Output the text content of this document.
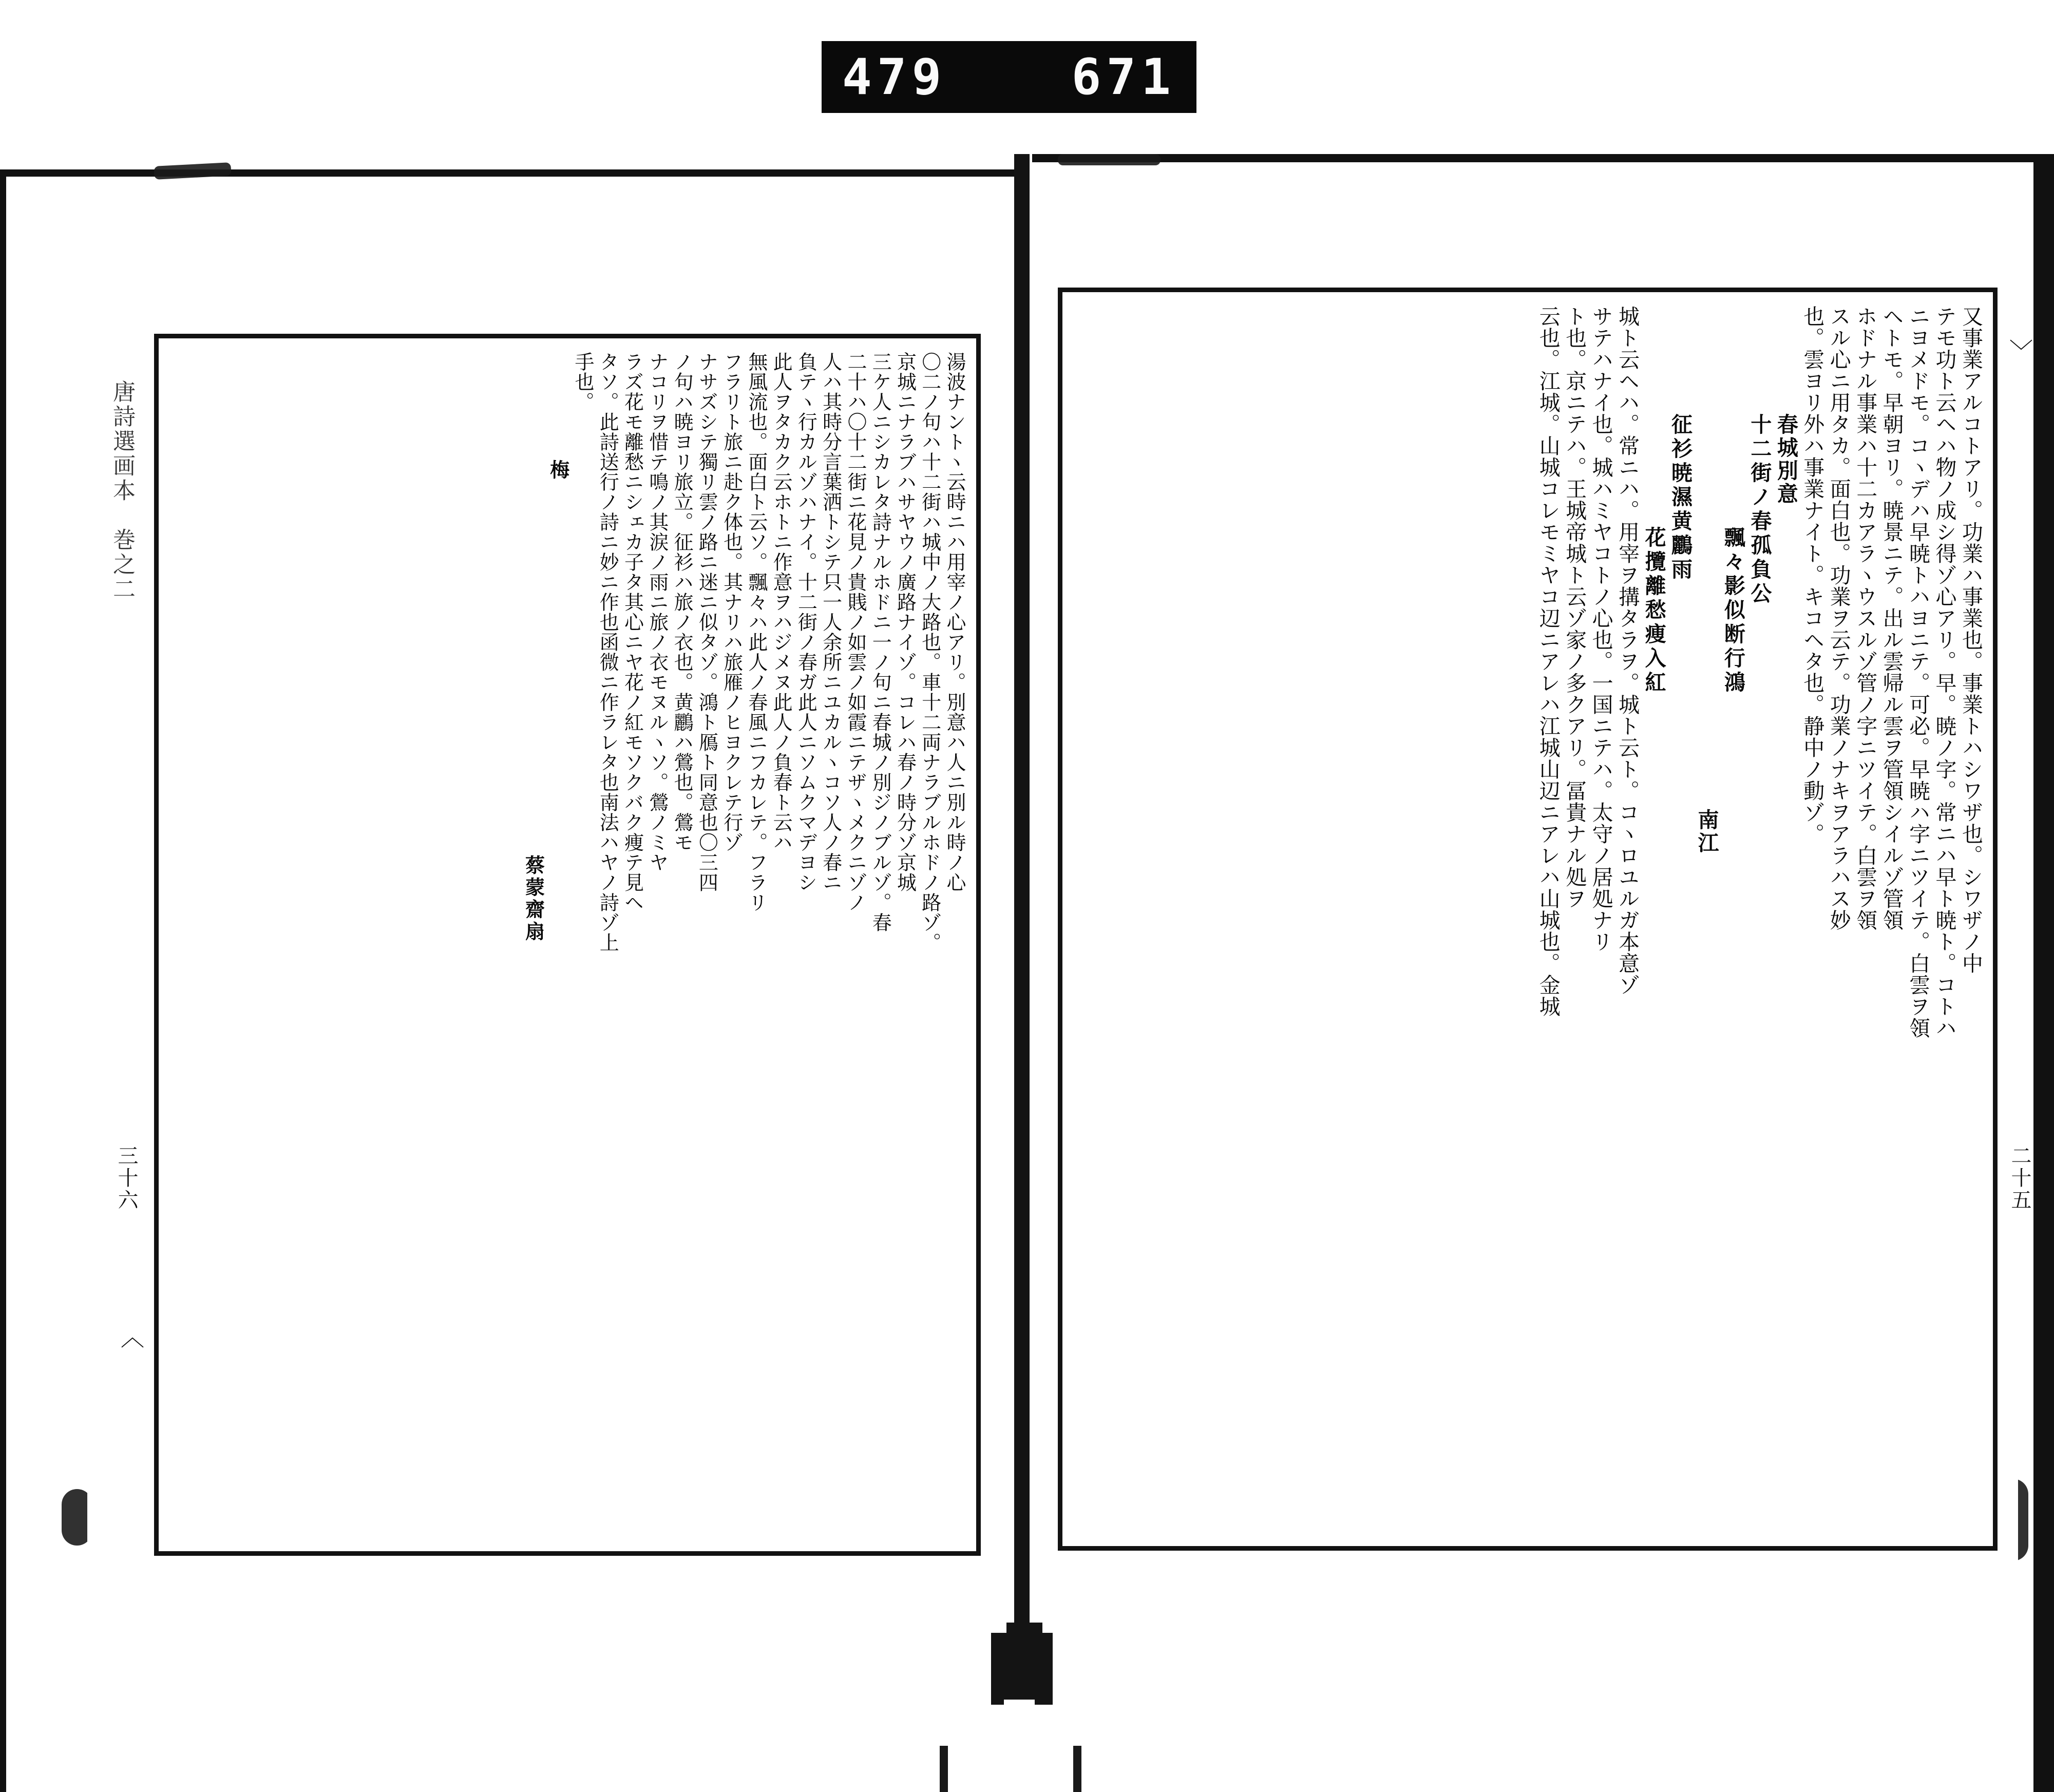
479	671
唐詩選画本　巻之二
三十六
〈
湯波ナントヽ云時ニハ用宰ノ心アリ。別意ハ人ニ別ル時ノ心
〇二ノ句ハ十二街ハ城中ノ大路也。車十二両ナラブルホドノ路ゾ。
京城ニナラブハサヤウノ廣路ナイゾ。コレハ春ノ時分ゾ京城
三ケ人ニシカレタ詩ナルホドニ一ノ句ニ春城ノ別ジノブルゾ。春
二十ハ〇十二街ニ花見ノ貴賎ノ如雲ノ如霞ニテザヽメクニゾノ
人ハ其時分言葉洒トシテ只一人余所ニユカルヽコソ人ノ春ニ
負テヽ行カルゾハナイ。十二街ノ春ガ此人ニソムクマデヨシ
此人ヲタカク云ホトニ作意ヲハジメヌ此人ノ負春ト云ハ
無風流也。面白ト云ソ。飄々ハ此人ノ春風ニフカレテ。フラリ
フラリト旅ニ赴ク体也。其ナリハ旅雁ノヒヨクレテ行ゾ
ナサズシテ獨リ雲ノ路ニ迷ニ似タゾ。鴻ト鴈ト同意也〇三四
ノ句ハ暁ヨリ旅立。征衫ハ旅ノ衣也。黄鸝ハ鶯也。鶯モ
ナコリヲ惜テ鳴ノ其涙ノ雨ニ旅ノ衣モヌルヽソ。鶯ノミヤ
ラズ花モ離愁ニシェカ子タ其心ニヤ花ノ紅モソクバク痩テ見ヘ
タソ。此詩送行ノ詩ニ妙ニ作也函微ニ作ラレタ也南法ハヤノ詩ゾ上
手也。
梅
蔡蒙齋扇
二十五
〉
又事業アルコトアリ。功業ハ事業也。事業トハシワザ也。シワザノ中
テモ功ト云ヘハ物ノ成シ得ゾ心アリ。早。暁ノ字。常ニハ早ト暁ト。コトハ
ニヨメドモ。コヽデハ早暁トハヨニテ。可必。早暁ハ字ニツイテ。白雲ヲ領
ヘトモ。早朝ヨリ。暁景ニテ。出ル雲帰ル雲ヲ管領シイルゾ管領
ホドナル事業ハ十二カアラヽウスルゾ管ノ字ニツイテ。白雲ヲ領
スル心ニ用タカ。面白也。功業ヲ云テ。功業ノナキヲアラハス妙
也。雲ヨリ外ハ事業ナイト。キコヘタ也。静中ノ動ゾ。
春城別意
十二街ノ春孤負公
飄々影似断行鴻
南江
征衫暁濕黄鸝雨
花攬離愁痩入紅
城ト云ヘハ。常ニハ。用宰ヲ搆タラヲ。城ト云ト。コヽロユルガ本意ゾ
サテハナイ也。城ハミヤコトノ心也。一国ニテハ。太守ノ居処ナリ
ト也。京ニテハ。王城帝城ト云ゾ家ノ多クアリ。冨貴ナル処ヲ
云也。江城。山城コレモミヤコ辺ニアレハ江城山辺ニアレハ山城也。金城
